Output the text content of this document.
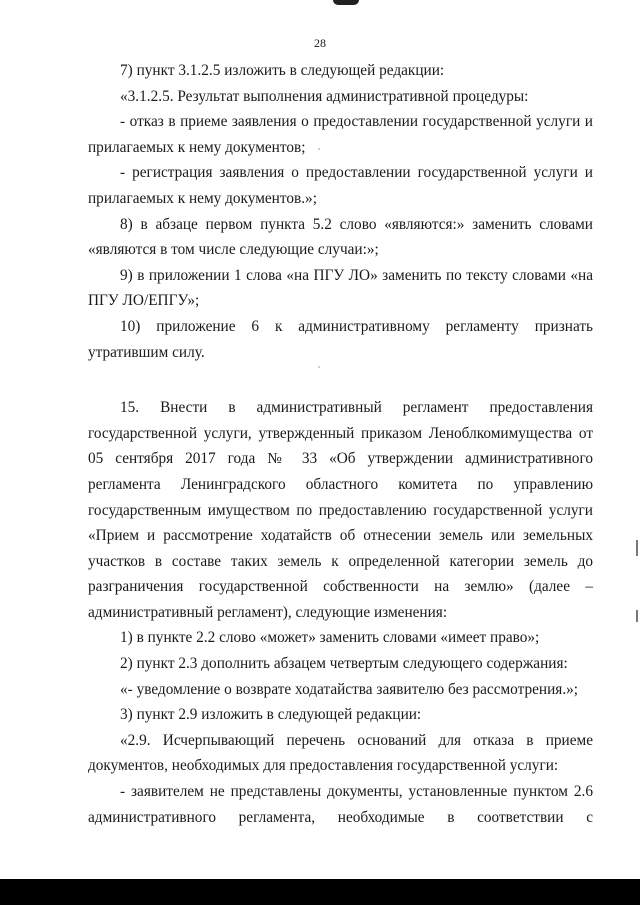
28

7) пункт 3.1.2.5 изложить в следующей редакции:

«3.1.2.5. Результат выполнения административной процедуры:

- отказ в приеме заявления о предоставлении государственной услуги и прилагаемых к нему документов;

- регистрация заявления о предоставлении государственной услуги и прилагаемых к нему документов.»;

8) в абзаце первом пункта 5.2 слово «являются:» заменить словами «являются в том числе следующие случаи:»;

9) в приложении 1 слова «на ПГУ ЛО» заменить по тексту словами «на ПГУ ЛО/ЕПГУ»;

10) приложение 6 к административному регламенту признать утратившим силу.

15. Внести в административный регламент предоставления государственной услуги, утвержденный приказом Леноблкомимущества от 05 сентября 2017 года № 33 «Об утверждении административного регламента Ленинградского областного комитета по управлению государственным имуществом по предоставлению государственной услуги «Прием и рассмотрение ходатайств об отнесении земель или земельных участков в составе таких земель к определенной категории земель до разграничения государственной собственности на землю» (далее – административный регламент), следующие изменения:

1) в пункте 2.2 слово «может» заменить словами «имеет право»;

2) пункт 2.3 дополнить абзацем четвертым следующего содержания:

«- уведомление о возврате ходатайства заявителю без рассмотрения.»;

3) пункт 2.9 изложить в следующей редакции:

«2.9. Исчерпывающий перечень оснований для отказа в приеме документов, необходимых для предоставления государственной услуги:

- заявителем не представлены документы, установленные пунктом 2.6 административного регламента, необходимые в соответствии с
